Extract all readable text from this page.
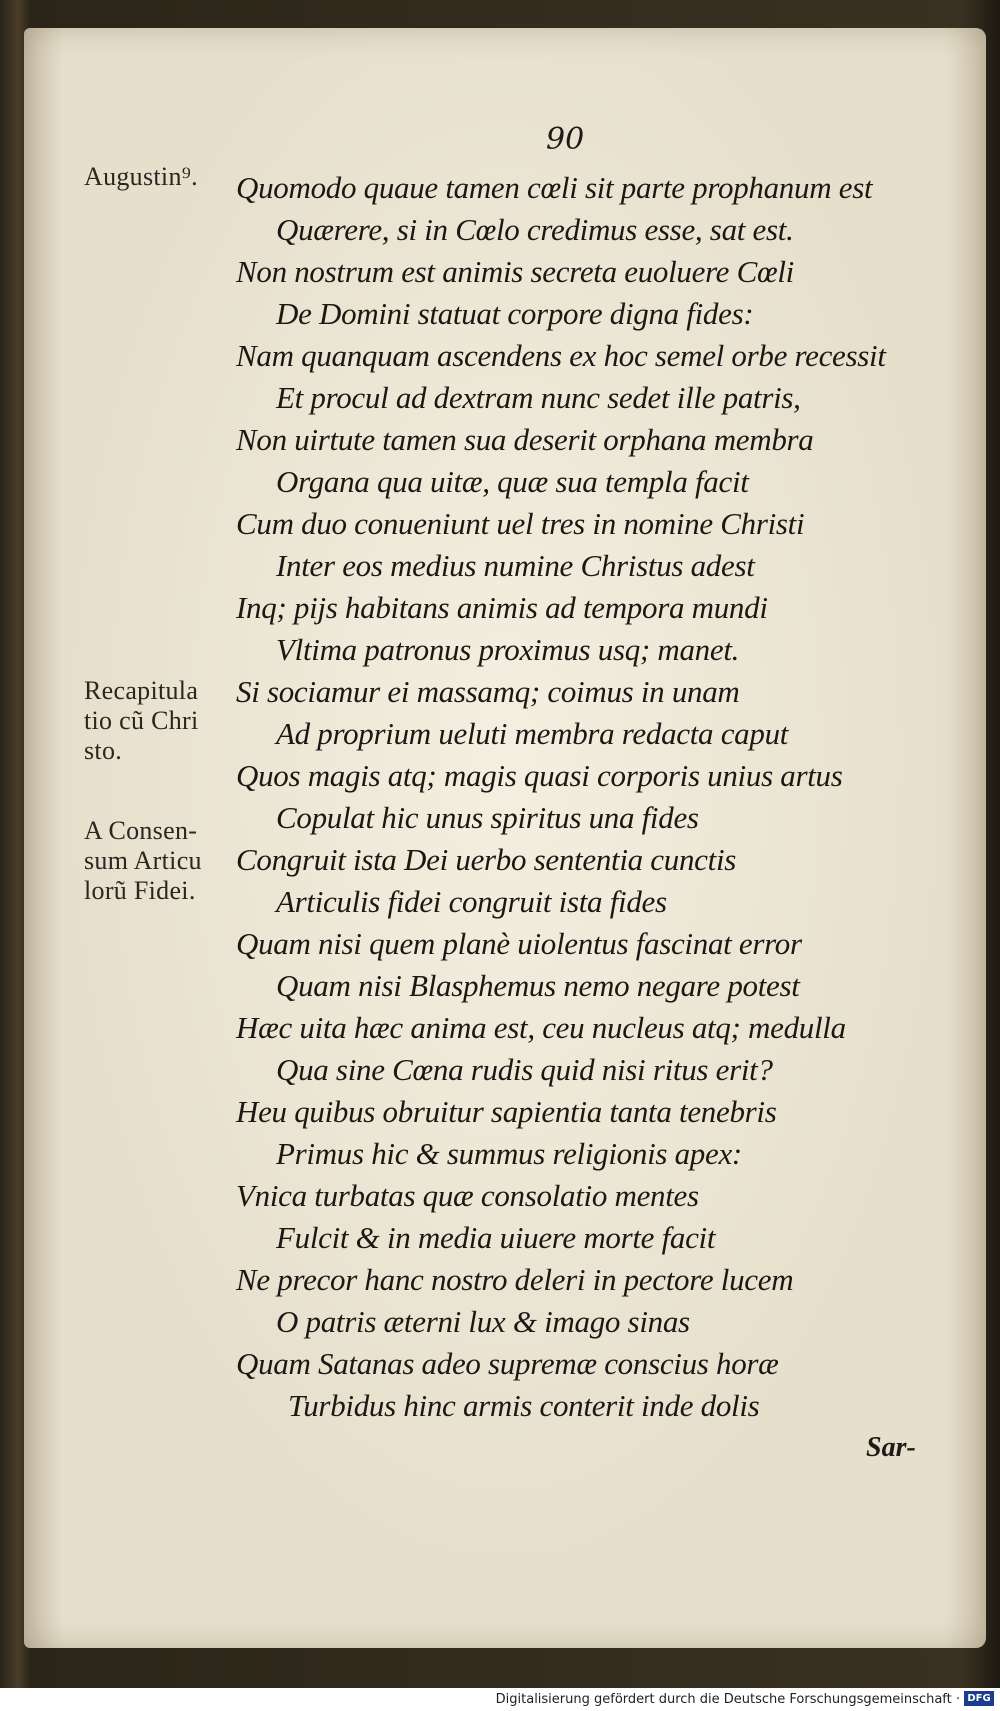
90
Augustin⁹.
Recapitula
tio cũ Chri
sto.
A Consen-
sum Articu
lorũ Fidei.
Quomodo quaue tamen cœli sit parte prophanum est
Quærere, si in Cœlo credimus esse, sat est.
Non nostrum est animis secreta euoluere Cœli
De Domini statuat corpore digna fides:
Nam quanquam ascendens ex hoc semel orbe recessit
Et procul ad dextram nunc sedet ille patris,
Non uirtute tamen sua deserit orphana membra
Organa qua uitæ, quæ sua templa facit
Cum duo conueniunt uel tres in nomine Christi
Inter eos medius numine Christus adest
Inq; pijs habitans animis ad tempora mundi
Vltima patronus proximus usq; manet.
Si sociamur ei massamq; coimus in unam
Ad proprium ueluti membra redacta caput
Quos magis atq; magis quasi corporis unius artus
Copulat hic unus spiritus una fides
Congruit ista Dei uerbo sententia cunctis
Articulis fidei congruit ista fides
Quam nisi quem planè uiolentus fascinat error
Quam nisi Blasphemus nemo negare potest
Hæc uita hæc anima est, ceu nucleus atq; medulla
Qua sine Cœna rudis quid nisi ritus erit?
Heu quibus obruitur sapientia tanta tenebris
Primus hic & summus religionis apex:
Vnica turbatas quæ consolatio mentes
Fulcit & in media uiuere morte facit
Ne precor hanc nostro deleri in pectore lucem
O patris æterni lux & imago sinas
Quam Satanas adeo supremæ conscius horæ
Turbidus hinc armis conterit inde dolis
Sar-
Digitalisierung gefördert durch die Deutsche Forschungsgemeinschaft · DFG
